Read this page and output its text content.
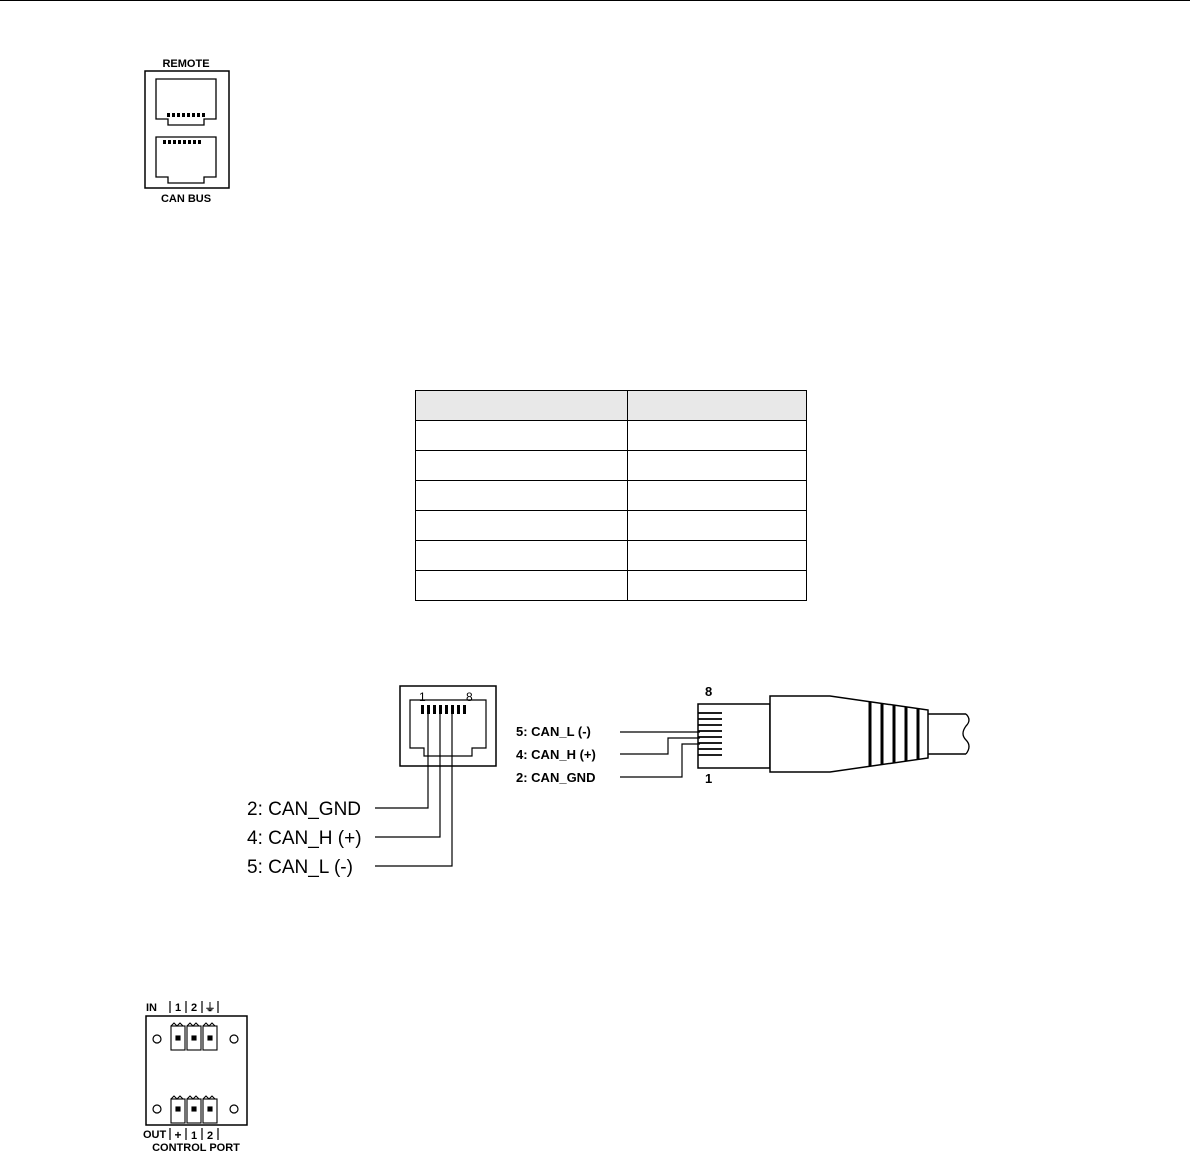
REMOTE
CAN BUS

1	8
2: CAN_GND
4: CAN_H (+)
5: CAN_L (-)
8
1
5: CAN_L (-)
4: CAN_H (+)
2: CAN_GND
IN 1 2 ⏚
OUT + 1 2
CONTROL PORT
